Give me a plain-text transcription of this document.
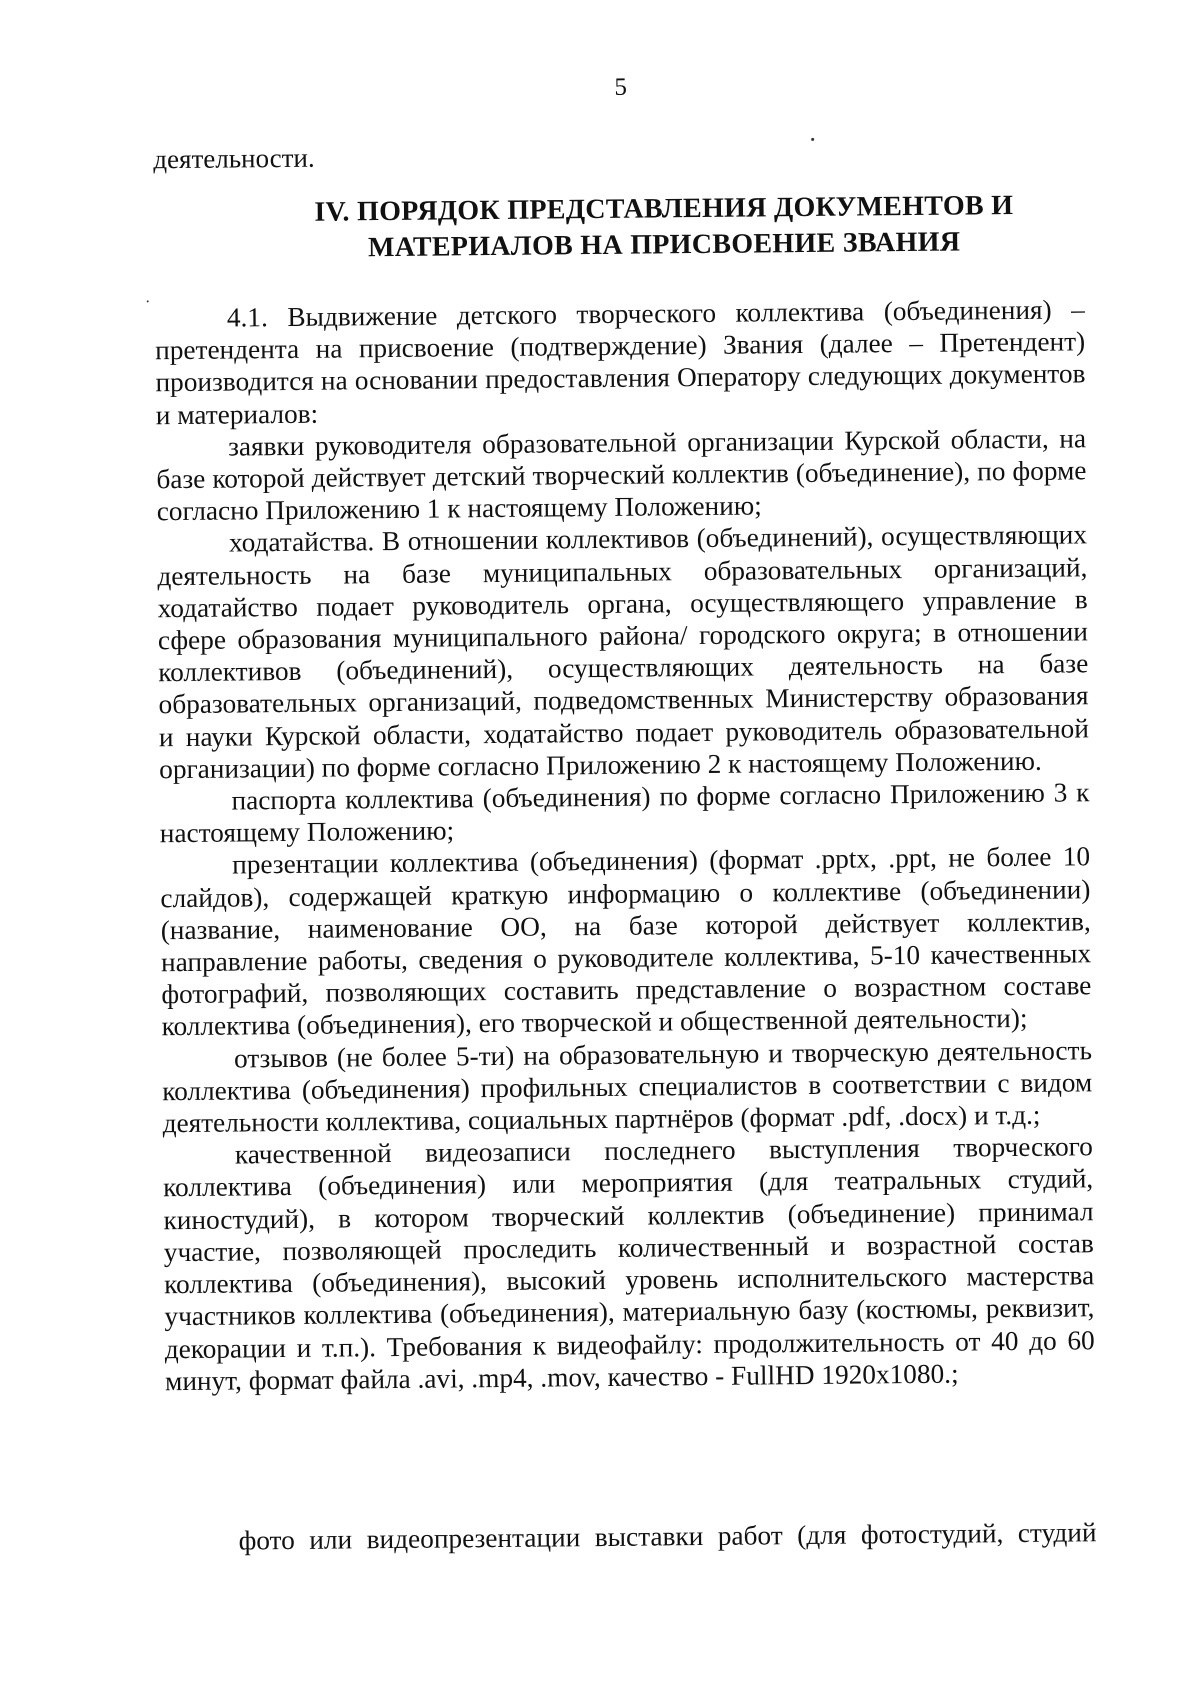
5
деятельности.
IV. ПОРЯДОК ПРЕДСТАВЛЕНИЯ ДОКУМЕНТОВ И
МАТЕРИАЛОВ НА ПРИСВОЕНИЕ ЗВАНИЯ

4.1. Выдвижение детского творческого коллектива (объединения) – претендента на присвоение (подтверждение) Звания (далее – Претендент) производится на основании предоставления Оператору следующих документов и материалов:

заявки руководителя образовательной организации Курской области, на базе которой действует детский творческий коллектив (объединение), по форме согласно Приложению 1 к настоящему Положению;

ходатайства. В отношении коллективов (объединений), осуществляющих деятельность на базе муниципальных образовательных организаций, ходатайство подает руководитель органа, осуществляющего управление в сфере образования муниципального района/ городского округа; в отношении коллективов (объединений), осуществляющих деятельность на базе образовательных организаций, подведомственных Министерству образования и науки Курской области, ходатайство подает руководитель образовательной организации) по форме согласно Приложению 2 к настоящему Положению.

паспорта коллектива (объединения) по форме согласно Приложению 3 к настоящему Положению;

презентации коллектива (объединения) (формат .pptx, .ppt, не более 10 слайдов), содержащей краткую информацию о коллективе (объединении) (название, наименование ОО, на базе которой действует коллектив, направление работы, сведения о руководителе коллектива, 5-10 качественных фотографий, позволяющих составить представление о возрастном составе коллектива (объединения), его творческой и общественной деятельности);

отзывов (не более 5-ти) на образовательную и творческую деятельность коллектива (объединения) профильных специалистов в соответствии с видом деятельности коллектива, социальных партнёров (формат .pdf, .docx) и т.д.;

качественной видеозаписи последнего выступления творческого коллектива (объединения) или мероприятия (для театральных студий, киностудий), в котором творческий коллектив (объединение) принимал участие, позволяющей проследить количественный и возрастной состав коллектива (объединения), высокий уровень исполнительского мастерства участников коллектива (объединения), материальную базу (костюмы, реквизит, декорации и т.п.). Требования к видеофайлу: продолжительность от 40 до 60 минут, формат файла .avi, .mp4, .mov, качество - FullHD 1920x1080.;

фото или видеопрезентации выставки работ (для фотостудий, студий
